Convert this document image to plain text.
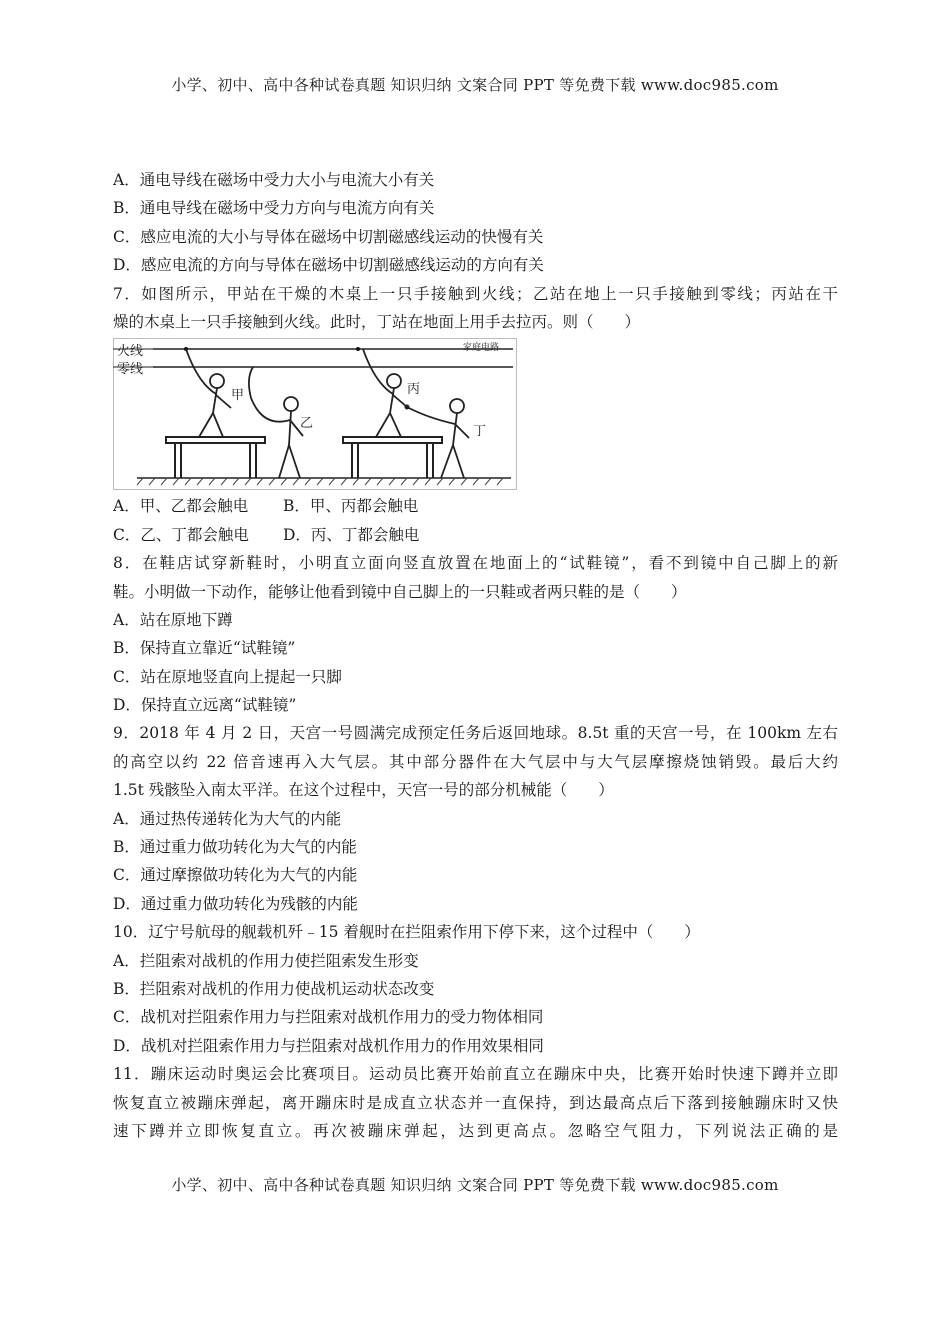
小学、初中、高中各种试卷真题 知识归纳 文案合同 PPT 等免费下载 www.doc985.com
A．通电导线在磁场中受力大小与电流大小有关
B．通电导线在磁场中受力方向与电流方向有关
C．感应电流的大小与导体在磁场中切割磁感线运动的快慢有关
D．感应电流的方向与导体在磁场中切割磁感线运动的方向有关
7．如图所示，甲站在干燥的木桌上一只手接触到火线；乙站在地上一只手接触到零线；丙站在干
燥的木桌上一只手接触到火线。此时，丁站在地面上用手去拉丙。则（　　）
火线
零线
家庭电路
甲
乙
丙
丁
A．甲、乙都会触电 B．甲、丙都会触电
C．乙、丁都会触电 D．丙、丁都会触电
8．在鞋店试穿新鞋时，小明直立面向竖直放置在地面上的“试鞋镜”，看不到镜中自己脚上的新
鞋。小明做一下动作，能够让他看到镜中自己脚上的一只鞋或者两只鞋的是（　　）
A．站在原地下蹲
B．保持直立靠近“试鞋镜”
C．站在原地竖直向上提起一只脚
D．保持直立远离“试鞋镜”
9．2018 年 4 月 2 日，天宫一号圆满完成预定任务后返回地球。8.5t 重的天宫一号，在 100km 左右
的高空以约 22 倍音速再入大气层。其中部分器件在大气层中与大气层摩擦烧蚀销毁。最后大约
1.5t 残骸坠入南太平洋。在这个过程中，天宫一号的部分机械能（　　）
A．通过热传递转化为大气的内能
B．通过重力做功转化为大气的内能
C．通过摩擦做功转化为大气的内能
D．通过重力做功转化为残骸的内能
10．辽宁号航母的舰载机歼﹣15 着舰时在拦阻索作用下停下来，这个过程中（　　）
A．拦阻索对战机的作用力使拦阻索发生形变
B．拦阻索对战机的作用力使战机运动状态改变
C．战机对拦阻索作用力与拦阻索对战机作用力的受力物体相同
D．战机对拦阻索作用力与拦阻索对战机作用力的作用效果相同
11．蹦床运动时奥运会比赛项目。运动员比赛开始前直立在蹦床中央，比赛开始时快速下蹲并立即
恢复直立被蹦床弹起，离开蹦床时是成直立状态并一直保持，到达最高点后下落到接触蹦床时又快
速下蹲并立即恢复直立。再次被蹦床弹起，达到更高点。忽略空气阻力，下列说法正确的是
小学、初中、高中各种试卷真题 知识归纳 文案合同 PPT 等免费下载 www.doc985.com
